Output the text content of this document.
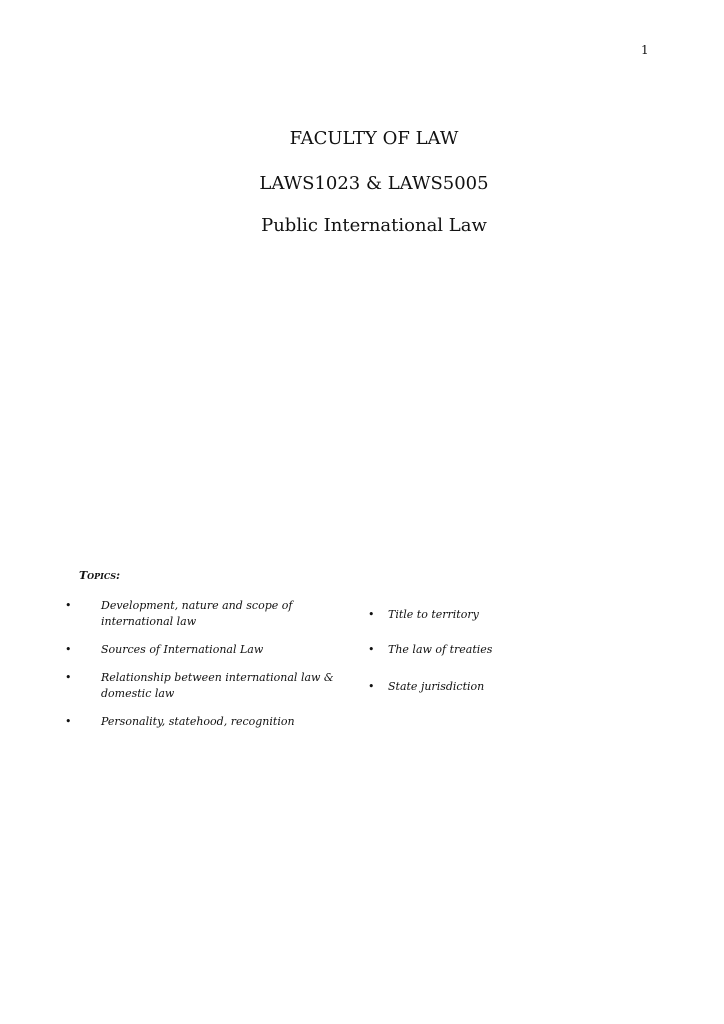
1

FACULTY OF LAW

LAWS1023 & LAWS5005

Public International Law

Topics:
•	Development, nature and scope of international law
•	Sources of International Law
•	Relationship between international law & domestic law
•	Personality, statehood, recognition
• Title to territory
• The law of treaties
• State jurisdiction
